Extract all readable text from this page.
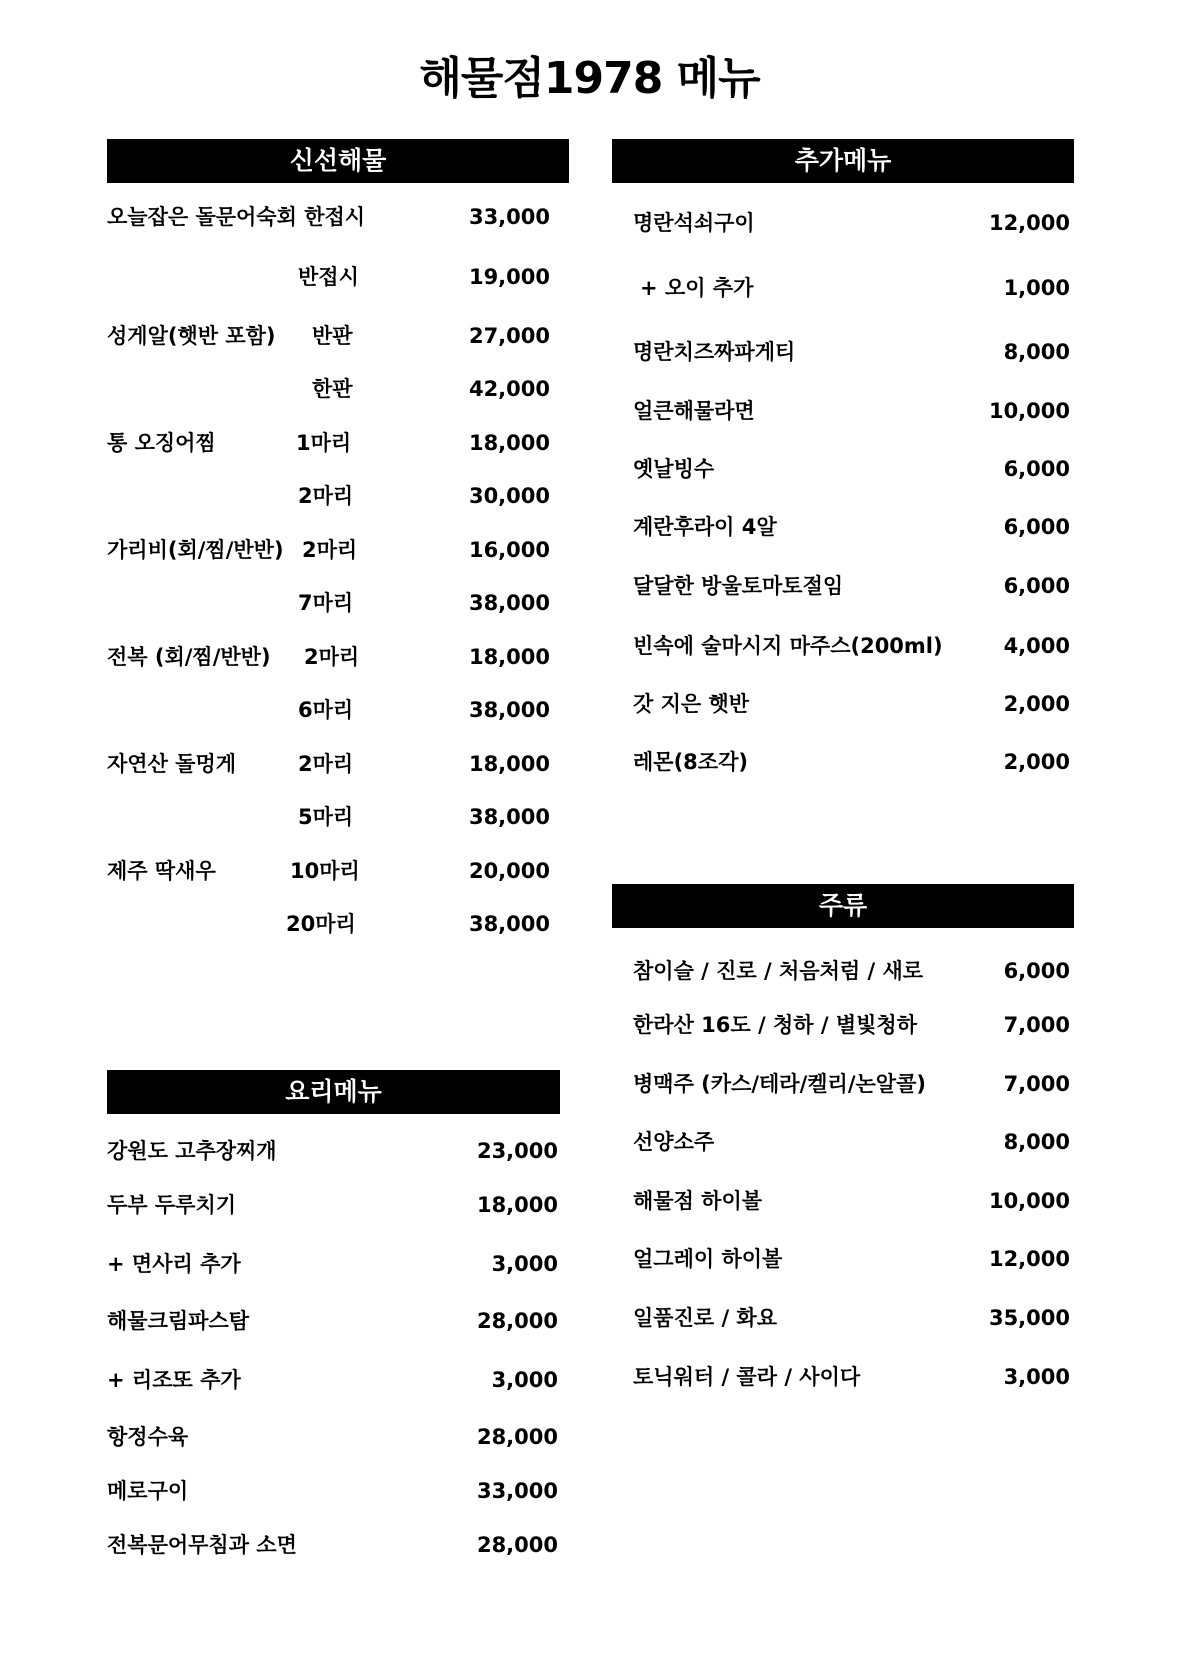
해물점1978 메뉴
신선해물
오늘잡은 돌문어숙회 한접시	33,000
반접시	19,000
성게알(햇반 포함) 반판	27,000
한판	42,000
통 오징어찜	1마리	18,000
2마리	30,000
가리비(회/찜/반반) 2마리	16,000
7마리	38,000
전복 (회/찜/반반) 2마리	18,000
6마리	38,000
자연산 돌멍게	2마리	18,000
5마리	38,000
제주 딱새우	10마리	20,000
20마리	38,000
요리메뉴
강원도 고추장찌개	23,000
두부 두루치기	18,000
+ 면사리 추가	3,000
해물크림파스탐	28,000
+ 리조또 추가	3,000
항정수육	28,000
메로구이	33,000
전복문어무침과 소면	28,000
추가메뉴
명란석쇠구이	12,000
+ 오이 추가	1,000
명란치즈짜파게티	8,000
얼큰해물라면	10,000
옛날빙수	6,000
계란후라이 4알	6,000
달달한 방울토마토절임	6,000
빈속에 술마시지 마주스(200ml)	4,000
갓 지은 햇반	2,000
레몬(8조각)	2,000
주류
참이슬 / 진로 / 처음처럼 / 새로	6,000
한라산 16도 / 청하 / 별빛청하	7,000
병맥주 (카스/테라/켈리/논알콜)	7,000
선양소주	8,000
해물점 하이볼	10,000
얼그레이 하이볼	12,000
일품진로 / 화요	35,000
토닉워터 / 콜라 / 사이다	3,000
